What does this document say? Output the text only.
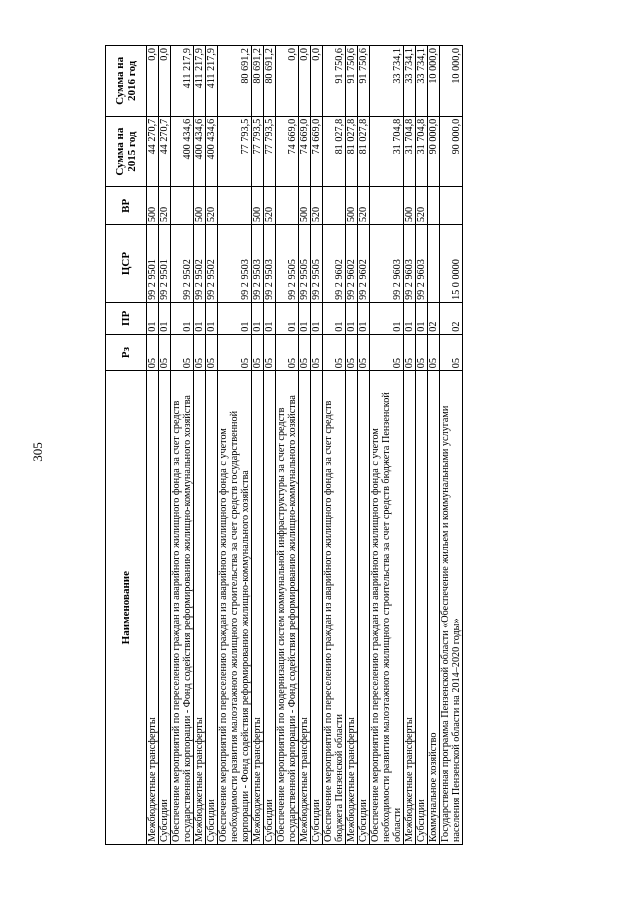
305
Наименование	Рз	ПР	ЦСР	ВР	Сумма на 2015 год	Сумма на 2016 год
Межбюджетные трансферты	05	01	99 2 9501	500	44 270,7	0,0
Субсидии	05	01	99 2 9501	520	44 270,7	0,0
Обеспечение мероприятий по переселению граждан из аварийного жилищного фонда за счет средств государственной корпорации - Фонд содействия реформированию жилищно-коммунального хозяйства	05	01	99 2 9502		400 434,6	411 217,9
Межбюджетные трансферты	05	01	99 2 9502	500	400 434,6	411 217,9
Субсидии	05	01	99 2 9502	520	400 434,6	411 217,9
Обеспечение мероприятий по переселению граждан из аварийного жилищного фонда с учетом необходимости развития малоэтажного жилищного строительства за счет средств государственной корпорации - Фонд содействия реформированию жилищно-коммунального хозяйства	05	01	99 2 9503		77 793,5	80 691,2
Межбюджетные трансферты	05	01	99 2 9503	500	77 793,5	80 691,2
Субсидии	05	01	99 2 9503	520	77 793,5	80 691,2
Обеспечение мероприятий по модернизации систем коммунальной инфраструктуры за счет средств государственной корпорации - Фонд содействия реформированию жилищно-коммунального хозяйства	05	01	99 2 9505		74 669,0	0,0
Межбюджетные трансферты	05	01	99 2 9505	500	74 669,0	0,0
Субсидии	05	01	99 2 9505	520	74 669,0	0,0
Обеспечение мероприятий по переселению граждан из аварийного жилищного фонда за счет средств бюджета Пензенской области	05	01	99 2 9602		81 027,8	91 750,6
Межбюджетные трансферты	05	01	99 2 9602	500	81 027,8	91 750,6
Субсидии	05	01	99 2 9602	520	81 027,8	91 750,6
Обеспечение мероприятий по переселению граждан из аварийного жилищного фонда с учетом необходимости развития малоэтажного жилищного строительства за счет средств бюджета Пензенской области	05	01	99 2 9603		31 704,8	33 734,1
Межбюджетные трансферты	05	01	99 2 9603	500	31 704,8	33 734,1
Субсидии	05	01	99 2 9603	520	31 704,8	33 734,1
Коммунальное хозяйство	05	02			90 000,0	10 000,0
Государственная программа Пензенской области «Обеспечение жильем и коммунальными услугами населения Пензенской области на 2014–2020 годы»	05	02	15 0 0000		90 000,0	10 000,0
